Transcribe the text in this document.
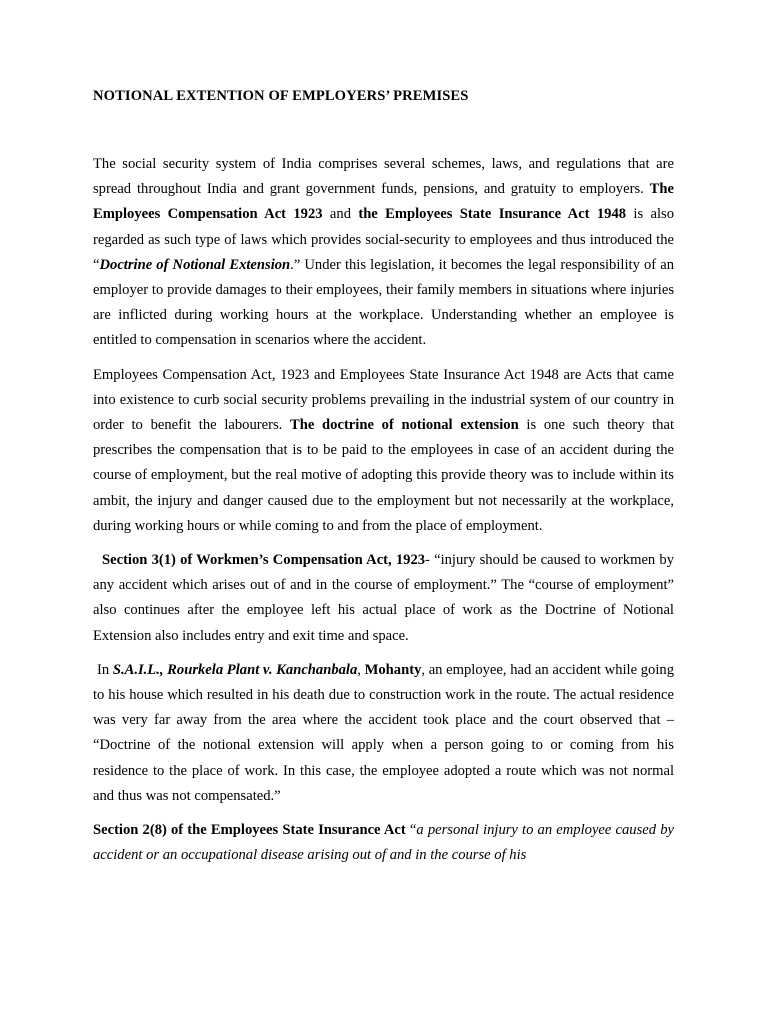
NOTIONAL EXTENTION OF EMPLOYERS’ PREMISES

The social security system of India comprises several schemes, laws, and regulations that are spread throughout India and grant government funds, pensions, and gratuity to employers. The Employees Compensation Act 1923 and the Employees State Insurance Act 1948 is also regarded as such type of laws which provides social-security to employees and thus introduced the “Doctrine of Notional Extension.” Under this legislation, it becomes the legal responsibility of an employer to provide damages to their employees, their family members in situations where injuries are inflicted during working hours at the workplace. Understanding whether an employee is entitled to compensation in scenarios where the accident.

Employees Compensation Act, 1923 and Employees State Insurance Act 1948 are Acts that came into existence to curb social security problems prevailing in the industrial system of our country in order to benefit the labourers. The doctrine of notional extension is one such theory that prescribes the compensation that is to be paid to the employees in case of an accident during the course of employment, but the real motive of adopting this provide theory was to include within its ambit, the injury and danger caused due to the employment but not necessarily at the workplace, during working hours or while coming to and from the place of employment.

Section 3(1) of Workmen’s Compensation Act, 1923- “injury should be caused to workmen by any accident which arises out of and in the course of employment.” The “course of employment” also continues after the employee left his actual place of work as the Doctrine of Notional Extension also includes entry and exit time and space.

In S.A.I.L., Rourkela Plant v. Kanchanbala, Mohanty, an employee, had an accident while going to his house which resulted in his death due to construction work in the route. The actual residence was very far away from the area where the accident took place and the court observed that – “Doctrine of the notional extension will apply when a person going to or coming from his residence to the place of work. In this case, the employee adopted a route which was not normal and thus was not compensated.”

Section 2(8) of the Employees State Insurance Act “a personal injury to an employee caused by accident or an occupational disease arising out of and in the course of his
